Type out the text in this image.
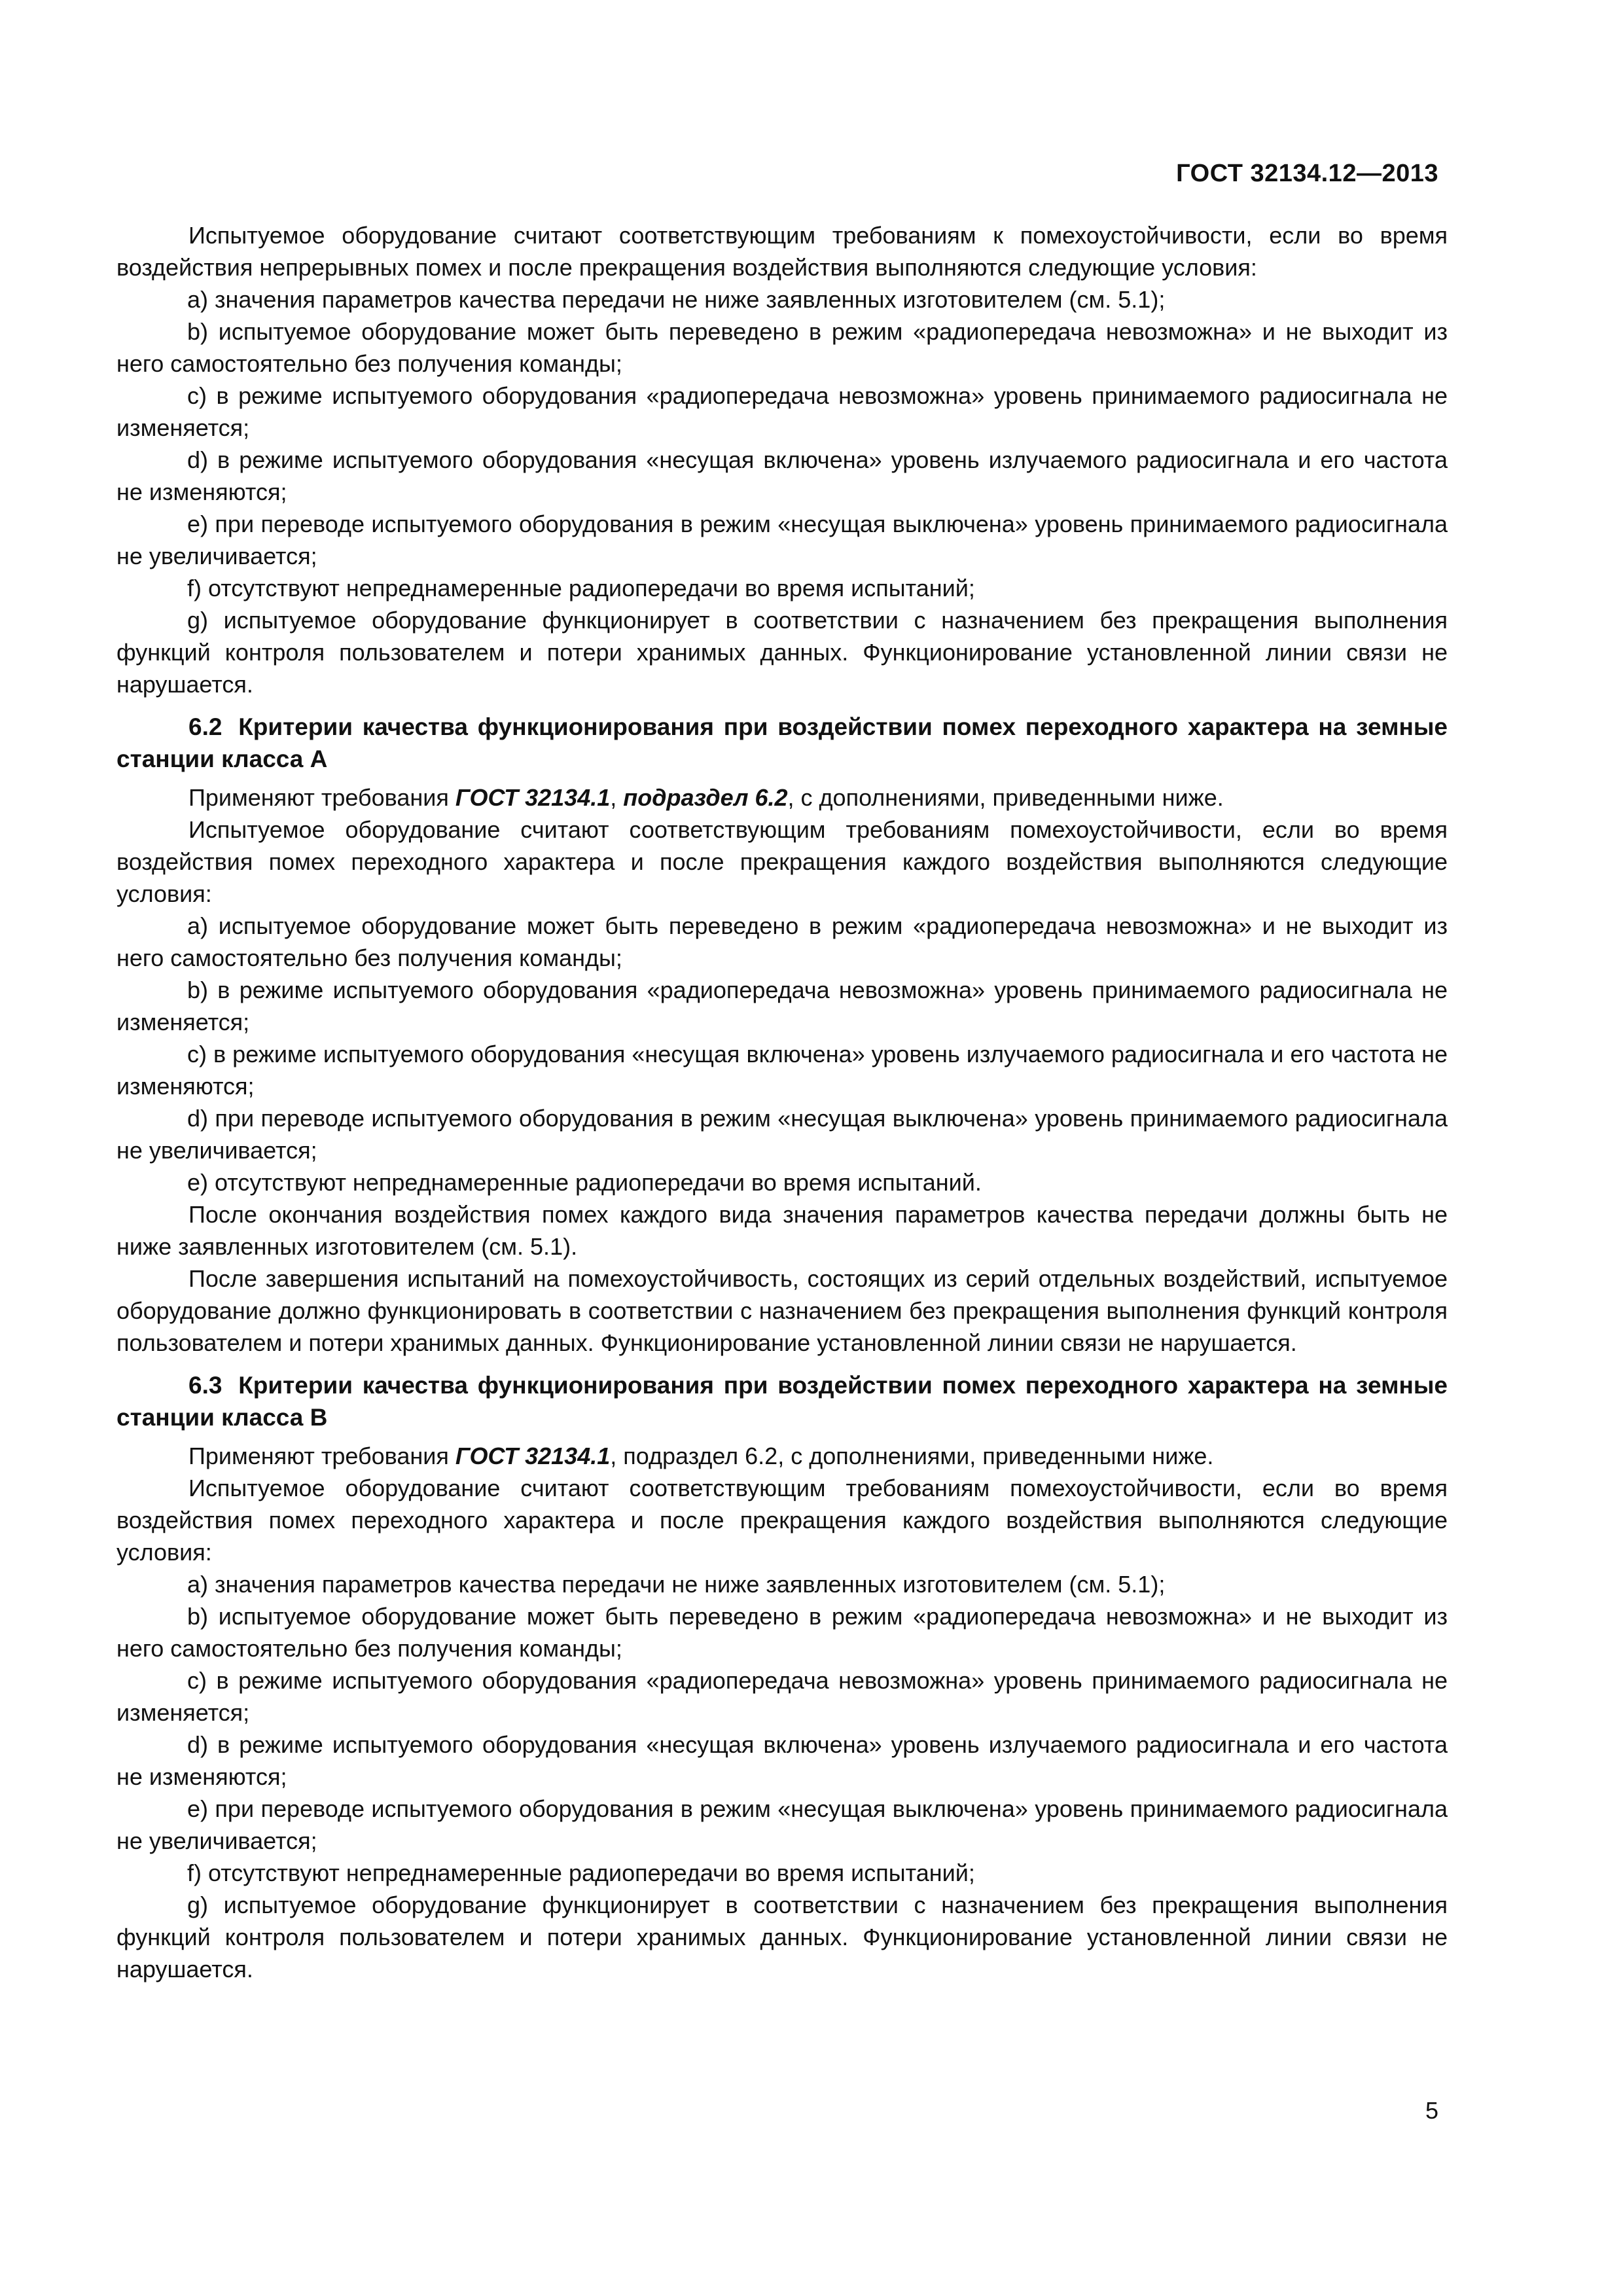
ГОСТ 32134.12—2013

Испытуемое оборудование считают соответствующим требованиям к помехоустойчивости, если во время воздействия непрерывных помех и после прекращения воздействия выполняются следующие условия:

а) значения параметров качества передачи не ниже заявленных изготовителем (см. 5.1);

b) испытуемое оборудование может быть переведено в режим «радиопередача невозможна» и не выходит из него самостоятельно без получения команды;

c) в режиме испытуемого оборудования «радиопередача невозможна» уровень принимаемого радиосигнала не изменяется;

d) в режиме испытуемого оборудования «несущая включена» уровень излучаемого радиосигнала и его частота не изменяются;

e) при переводе испытуемого оборудования в режим «несущая выключена» уровень принимаемого радиосигнала не увеличивается;

f) отсутствуют непреднамеренные радиопередачи во время испытаний;

g) испытуемое оборудование функционирует в соответствии с назначением без прекращения выполнения функций контроля пользователем и потери хранимых данных. Функционирование установленной линии связи не нарушается.

6.2 Критерии качества функционирования при воздействии помех переходного характера на земные станции класса А

Применяют требования ГОСТ 32134.1, подраздел 6.2, с дополнениями, приведенными ниже.

Испытуемое оборудование считают соответствующим требованиям помехоустойчивости, если во время воздействия помех переходного характера и после прекращения каждого воздействия выполняются следующие условия:

a) испытуемое оборудование может быть переведено в режим «радиопередача невозможна» и не выходит из него самостоятельно без получения команды;

b) в режиме испытуемого оборудования «радиопередача невозможна» уровень принимаемого радиосигнала не изменяется;

c) в режиме испытуемого оборудования «несущая включена» уровень излучаемого радиосигнала и его частота не изменяются;

d) при переводе испытуемого оборудования в режим «несущая выключена» уровень принимаемого радиосигнала не увеличивается;

e) отсутствуют непреднамеренные радиопередачи во время испытаний.

После окончания воздействия помех каждого вида значения параметров качества передачи должны быть не ниже заявленных изготовителем (см. 5.1).

После завершения испытаний на помехоустойчивость, состоящих из серий отдельных воздействий, испытуемое оборудование должно функционировать в соответствии с назначением без прекращения выполнения функций контроля пользователем и потери хранимых данных. Функционирование установленной линии связи не нарушается.

6.3 Критерии качества функционирования при воздействии помех переходного характера на земные станции класса В

Применяют требования ГОСТ 32134.1, подраздел 6.2, с дополнениями, приведенными ниже.

Испытуемое оборудование считают соответствующим требованиям помехоустойчивости, если во время воздействия помех переходного характера и после прекращения каждого воздействия выполняются следующие условия:

a) значения параметров качества передачи не ниже заявленных изготовителем (см. 5.1);

b) испытуемое оборудование может быть переведено в режим «радиопередача невозможна» и не выходит из него самостоятельно без получения команды;

c) в режиме испытуемого оборудования «радиопередача невозможна» уровень принимаемого радиосигнала не изменяется;

d) в режиме испытуемого оборудования «несущая включена» уровень излучаемого радиосигнала и его частота не изменяются;

e) при переводе испытуемого оборудования в режим «несущая выключена» уровень принимаемого радиосигнала не увеличивается;

f) отсутствуют непреднамеренные радиопередачи во время испытаний;

g) испытуемое оборудование функционирует в соответствии с назначением без прекращения выполнения функций контроля пользователем и потери хранимых данных. Функционирование установленной линии связи не нарушается.

5
